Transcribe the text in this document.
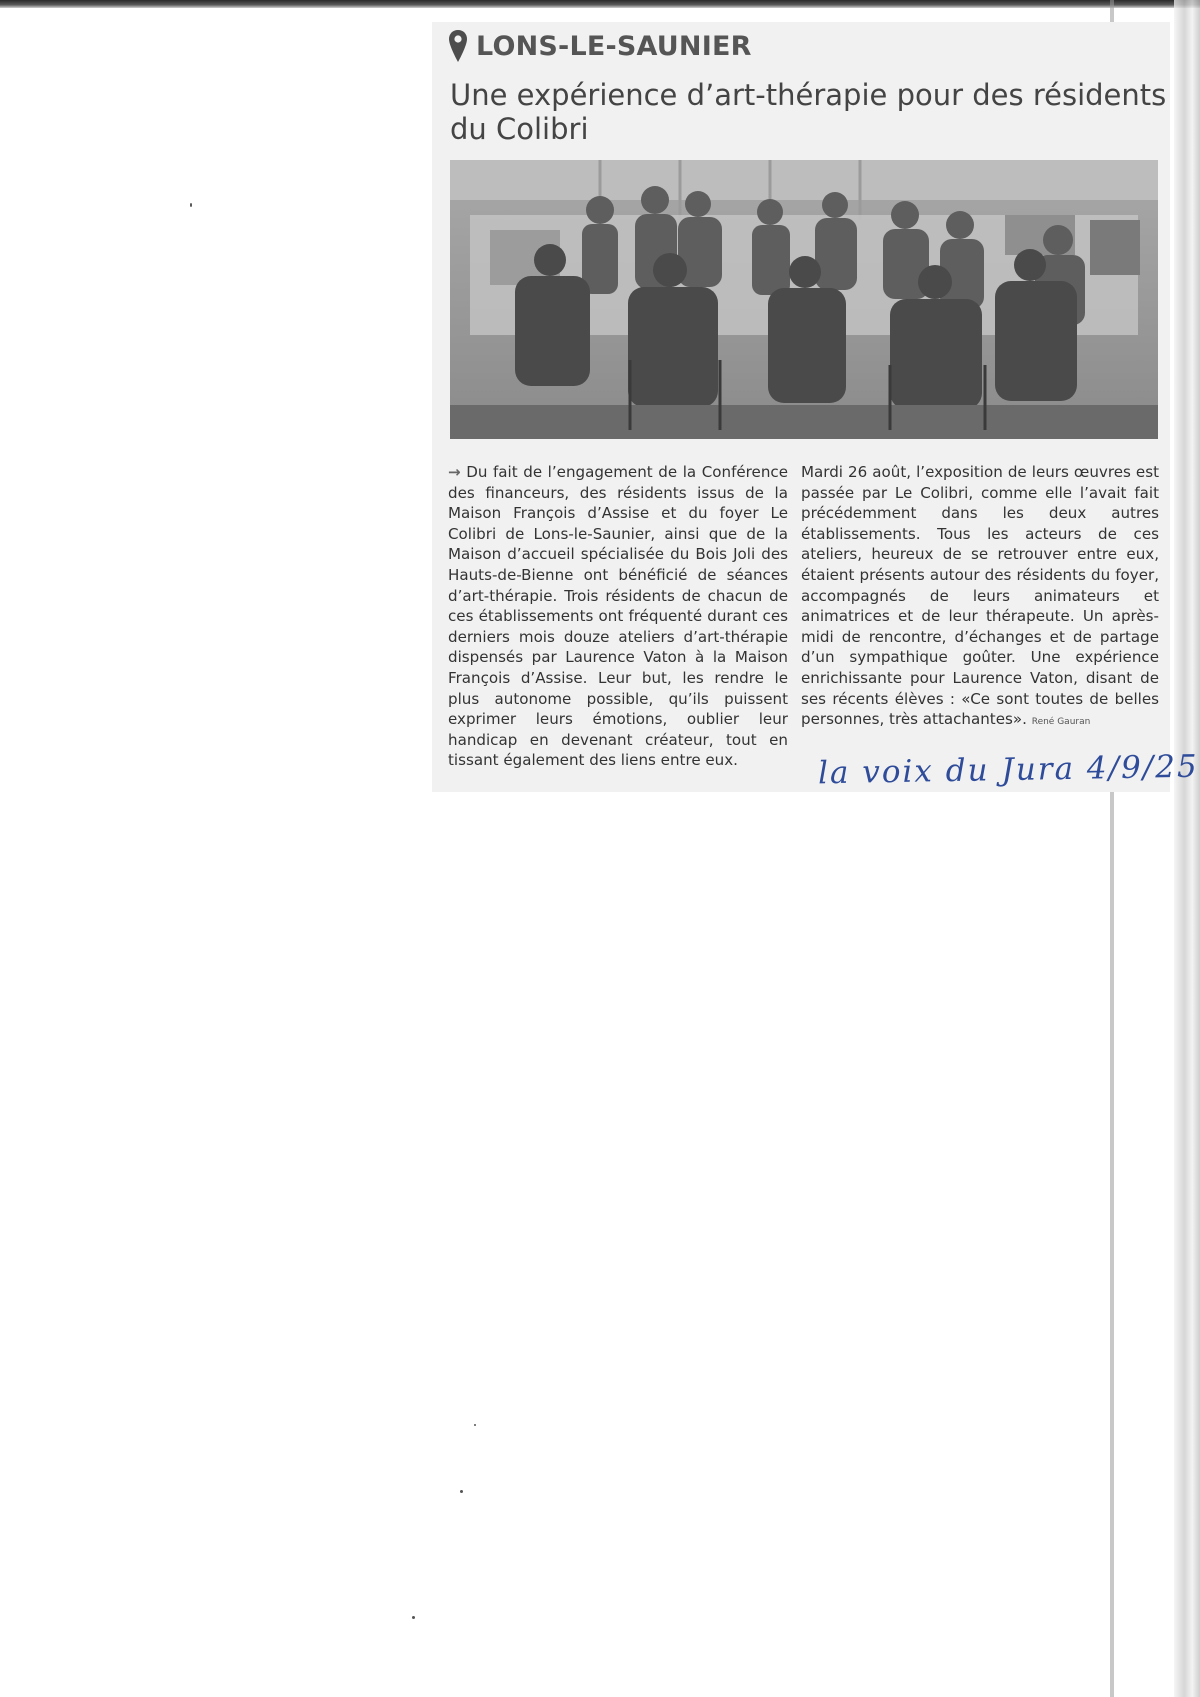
LONS-LE-SAUNIER
Une expérience d’art-thérapie pour des résidents du Colibri

→ Du fait de l’engagement de la Conférence des financeurs, des résidents issus de la Maison François d’Assise et du foyer Le Colibri de Lons-le-Saunier, ainsi que de la Maison d’accueil spécialisée du Bois Joli des Hauts-de-Bienne ont bénéficié de séances d’art-thérapie. Trois résidents de chacun de ces établissements ont fréquenté durant ces derniers mois douze ateliers d’art-thérapie dispensés par Laurence Vaton à la Maison François d’Assise. Leur but, les rendre le plus autonome possible, qu’ils puissent exprimer leurs émotions, oublier leur handicap en devenant créateur, tout en tissant également des liens entre eux.

Mardi 26 août, l’exposition de leurs œuvres est passée par Le Colibri, comme elle l’avait fait précédemment dans les deux autres établissements. Tous les acteurs de ces ateliers, heureux de se retrouver entre eux, étaient présents autour des résidents du foyer, accompagnés de leurs animateurs et animatrices et de leur thérapeute. Un après-midi de rencontre, d’échanges et de partage d’un sympathique goûter. Une expérience enrichissante pour Laurence Vaton, disant de ses récents élèves : «Ce sont toutes de belles personnes, très attachantes». René Gauran

la voix du Jura 4/9/25
